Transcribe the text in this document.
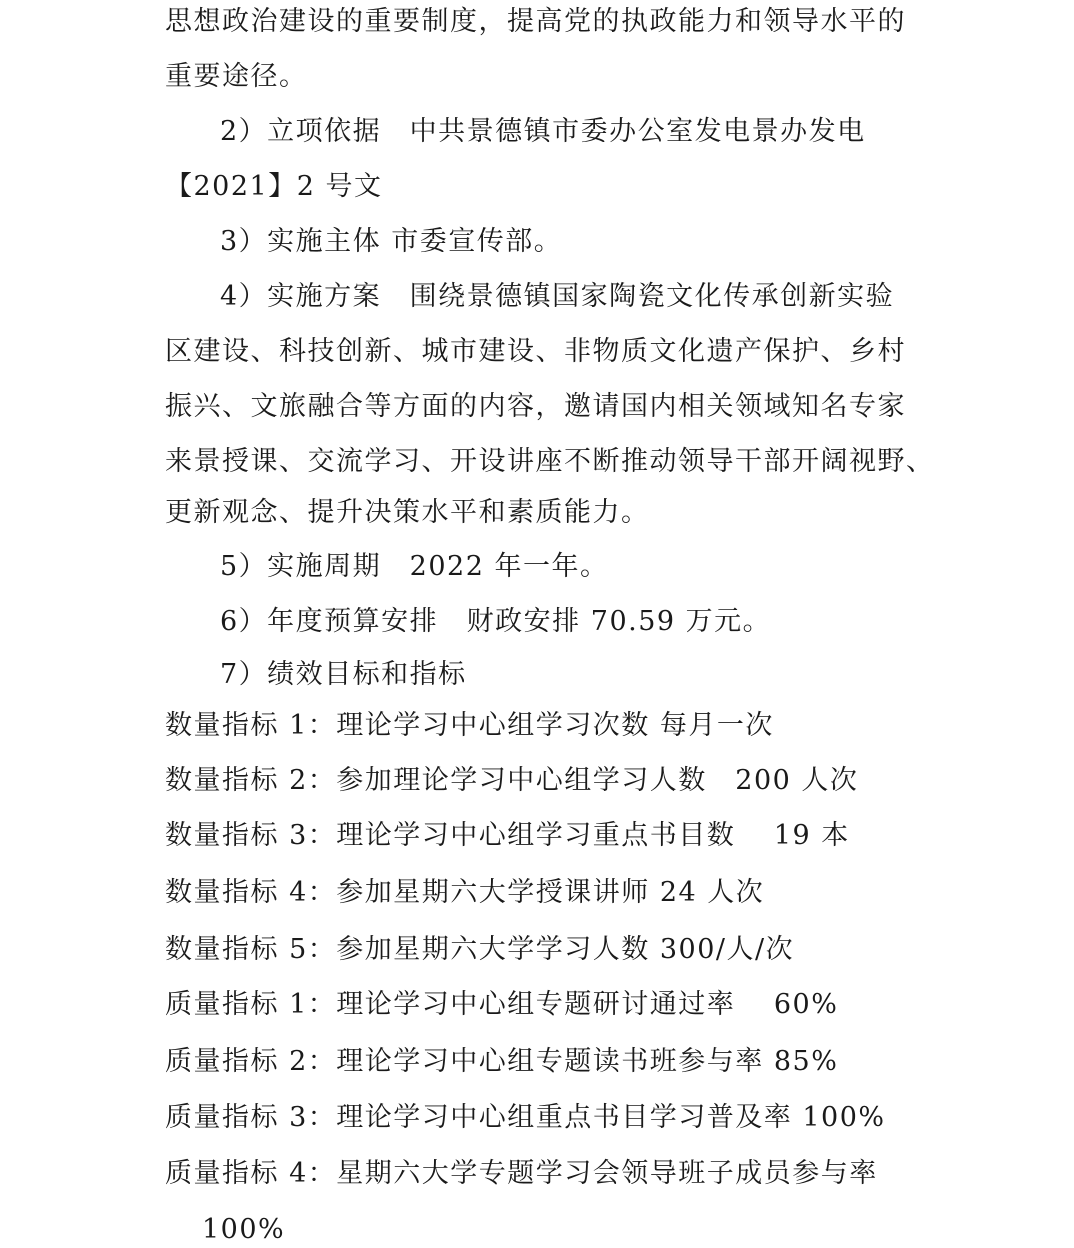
思想政治建设的重要制度，提高党的执政能力和领导水平的
重要途径。
2）立项依据　中共景德镇市委办公室发电景办发电
【2021】2 号文
3）实施主体 市委宣传部。
4）实施方案　围绕景德镇国家陶瓷文化传承创新实验
区建设、科技创新、城市建设、非物质文化遗产保护、乡村
振兴、文旅融合等方面的内容，邀请国内相关领域知名专家
来景授课、交流学习、开设讲座不断推动领导干部开阔视野、
更新观念、提升决策水平和素质能力。
5）实施周期　2022 年一年。
6）年度预算安排　财政安排 70.59 万元。
7）绩效目标和指标
数量指标 1：理论学习中心组学习次数 每月一次
数量指标 2：参加理论学习中心组学习人数　200 人次
数量指标 3：理论学习中心组学习重点书目数　 19 本
数量指标 4：参加星期六大学授课讲师 24 人次
数量指标 5：参加星期六大学学习人数 300/人/次
质量指标 1：理论学习中心组专题研讨通过率　 60%
质量指标 2：理论学习中心组专题读书班参与率 85%
质量指标 3：理论学习中心组重点书目学习普及率 100%
质量指标 4：星期六大学专题学习会领导班子成员参与率
100%
